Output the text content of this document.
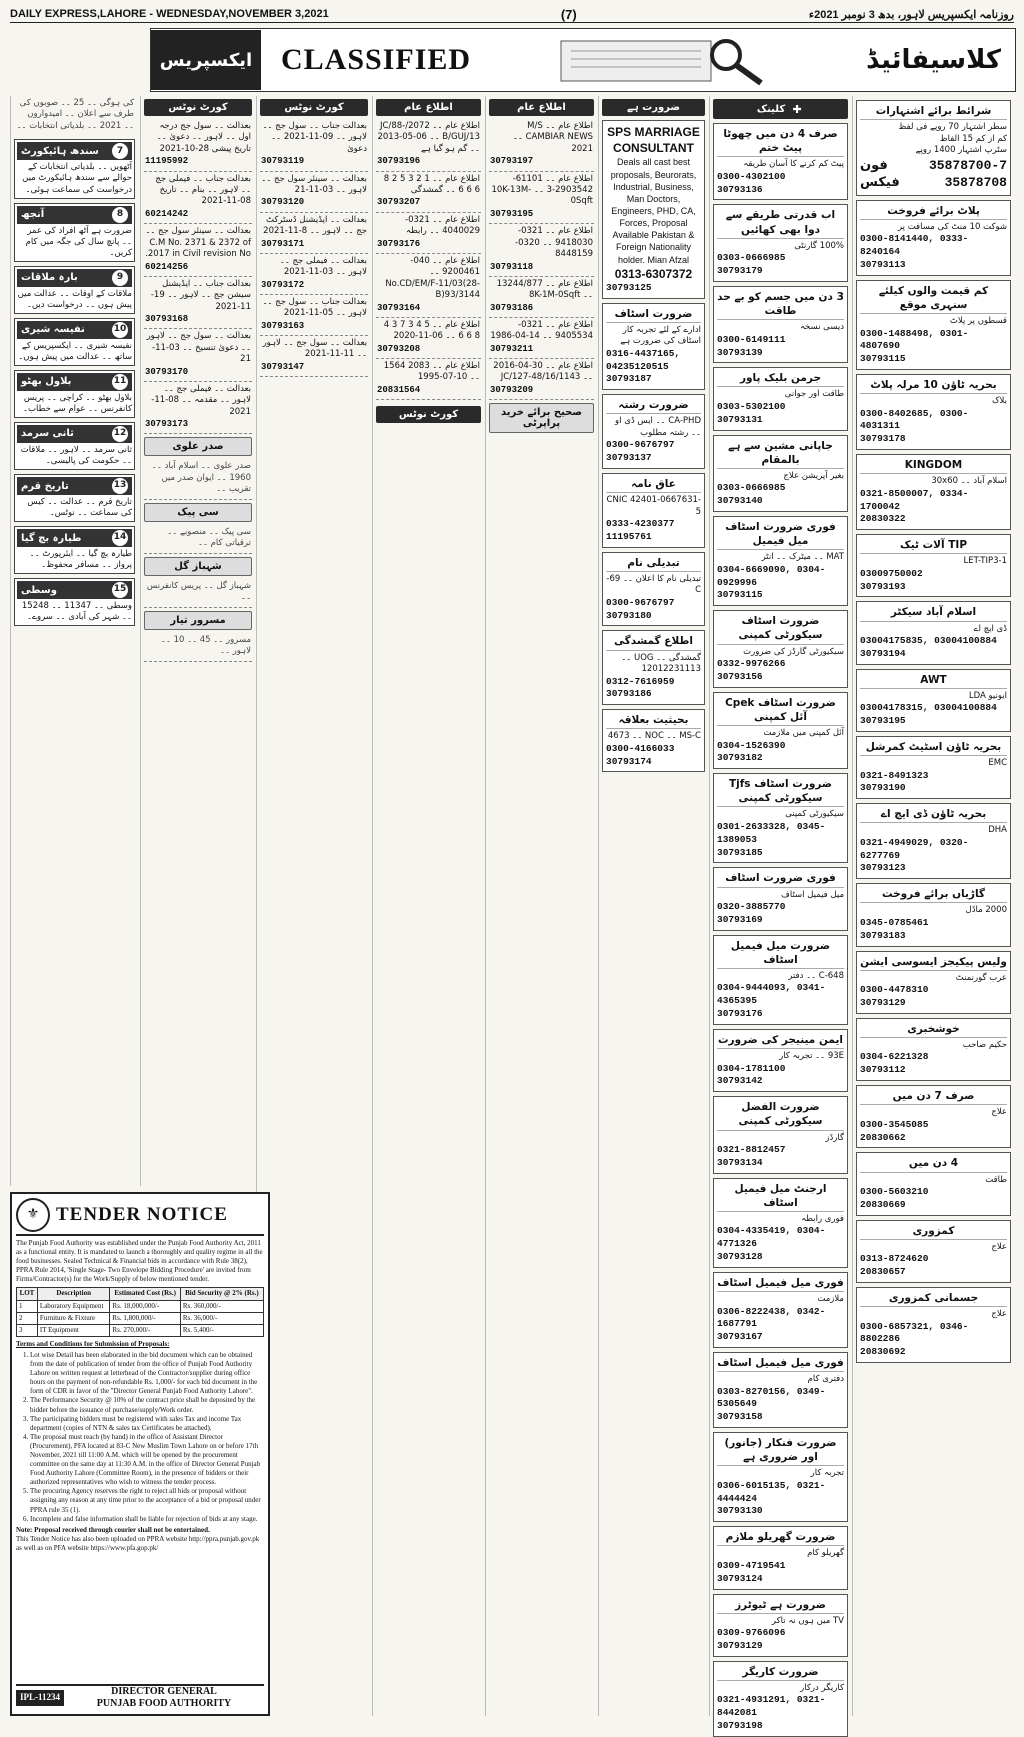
DAILY EXPRESS,LAHORE - WEDNESDAY,NOVEMBER 3,2021	(7)	روزنامہ ایکسپریس لاہور، بدھ 3 نومبر 2021ء
ایکسپریس CLASSIFIED	کلاسیفائیڈ
کی ہوگی ۔۔ 25 ۔۔ صوبوں کی طرف سے اعلان ۔۔ امیدواروں ۔۔ 2021 ۔۔ بلدیاتی انتخابات ۔۔
7
سندھ ہائیکورٹ
آٹھویں ۔۔ بلدیاتی انتخابات کے حوالے سے سندھ ہائیکورٹ میں درخواست کی سماعت ہوئی۔
8
آنجھ
ضرورت ہے آٹھ افراد کی عمر ۔۔ پانچ سال کی جگہ میں کام کریں۔
9
بارہ ملاقات
ملاقات کے اوقات ۔۔ عدالت میں پیش ہوں ۔۔ درخواست دیں۔
10
نفیسہ شیری
نفیسہ شیری ۔۔ ایکسپریس کے ساتھ ۔۔ عدالت میں پیش ہوں۔
11
بلاول بھٹو
بلاول بھٹو ۔۔ کراچی ۔۔ پریس کانفرنس ۔۔ عوام سے خطاب۔
12
ثانی سرمد
ثانی سرمد ۔۔ لاہور ۔۔ ملاقات ۔۔ حکومت کی پالیسی۔
13
تاریخ قرم
تاریخ قرم ۔۔ عدالت ۔۔ کیس کی سماعت ۔۔ نوٹس۔
14
طیارہ بچ گیا
طیارہ بچ گیا ۔۔ ایئرپورٹ ۔۔ پرواز ۔۔ مسافر محفوظ۔
15
وسطی
وسطی ۔۔ 11347 ۔۔ 15248 ۔۔ شہر کی آبادی ۔۔ سروے۔
کورٹ نوٹس
بعدالت ۔۔ سول جج درجہ اول ۔۔ لاہور ۔۔ دعویٰ ۔۔ تاریخ پیشی 28-10-2021
11195992
بعدالت جناب ۔۔ فیملی جج ۔۔ لاہور ۔۔ بنام ۔۔ تاریخ 08-11-2021
60214242
بعدالت ۔۔ سینئر سول جج ۔۔ C.M No. 2371 & 2372 of 2017 in Civil revision No.
60214256
بعدالت جناب ۔۔ ایڈیشنل سیشن جج ۔۔ لاہور ۔۔ 19-11-2021
30793168
بعدالت ۔۔ سول جج ۔۔ لاہور ۔۔ دعویٰ تنسیخ ۔۔ 03-11-21
30793170
بعدالت ۔۔ فیملی جج ۔۔ لاہور ۔۔ مقدمہ ۔۔ 08-11-2021
30793173
صدر علوی
صدر علوی ۔۔ اسلام آباد ۔۔ 1960 ۔۔ ایوان صدر میں تقریب ۔۔
سی پیک
سی پیک ۔۔ منصوبے ۔۔ ترقیاتی کام ۔۔
شہباز گل
شہباز گل ۔۔ پریس کانفرنس ۔۔
مسرور تیار
مسرور ۔۔ 45 ۔۔ 10 ۔۔ لاہور ۔۔
کورٹ نوٹس
بعدالت جناب ۔۔ سول جج ۔۔ لاہور ۔۔ 09-11-2021 ۔۔ دعویٰ
30793119
بعدالت ۔۔ سینئر سول جج ۔۔ لاہور ۔۔ 03-11-21
30793120
بعدالت ۔۔ ایڈیشنل ڈسٹرکٹ جج ۔۔ لاہور ۔۔ 8-11-2021
30793171
بعدالت ۔۔ فیملی جج ۔۔ لاہور ۔۔ 03-11-2021
30793172
بعدالت جناب ۔۔ سول جج ۔۔ لاہور ۔۔ 05-11-2021
30793163
بعدالت ۔۔ سول جج ۔۔ لاہور ۔۔ 11-11-2021
30793147
اطلاع عام
اطلاع عام ۔۔ 2072/JC/88-B/GUJ/13 ۔۔ 06-05-2013 ۔۔ گم ہو گیا ہے
30793196
اطلاع عام ۔۔ 1 2 3 5 2 8 6 6 6 ۔۔ گمشدگی
30793207
اطلاع عام ۔۔ 0321-4040029 ۔۔ رابطہ
30793176
اطلاع عام ۔۔ 040-9200461 ۔۔ No.CD/EM/F-11/03(28-B)93/3144
30793164
اطلاع عام ۔۔ 5 4 3 7 3 4 8 6 6 ۔۔ 06-11-2020
30793208
اطلاع عام ۔۔ 2083 1564 ۔۔ 10-07-1995
20831564
کورٹ نوٹس
اطلاع عام
اطلاع عام ۔۔ M/S CAMBIAR NEWS ۔۔ 2021
30793197
اطلاع عام ۔۔ 61101-2903542-3 ۔۔ 10K-13M-0Sqft
30793195
اطلاع عام ۔۔ 0321-9418030 ۔۔ 0320-8448159
30793118
اطلاع عام ۔۔ 13244/877 ۔۔ 8K-1M-0Sqft
30793186
اطلاع عام ۔۔ 0321-9405534 ۔۔ 14-04-1986
30793211
اطلاع عام ۔۔ 30-04-2016 ۔۔ 1143/JC/127-48/16
30793209
صحیح برائے خرید پراپرٹی
ضرورت ہے
SPS MARRIAGE CONSULTANT
Deals all cast best proposals, Beurorats, Industrial, Business, Man Doctors, Engineers, PHD, CA, Forces, Proposal Available Pakistan & Foreign Nationality holder. Mian Afzal
0313-6307372
30793125
ضرورت اسٹاف
ادارے کے لئے تجربہ کار اسٹاف کی ضرورت ہے
0316-4437165, 04235120515
30793187
ضرورت رشتہ
CA-PHD ۔۔ ایس ڈی او ۔۔ رشتہ مطلوب
0300-9676797
30793137
عاق نامہ
CNIC 42401-0667631-5
0333-4230377
11195761
تبدیلی نام
تبدیلی نام کا اعلان ۔۔ 69-C
0300-9676797
30793180
اطلاع گمشدگی
گمشدگی ۔۔ UOG ۔۔ 12012231113
0312-7616959
30793186
بحیثیت بعلاقہ
MS-C ۔۔ NOC ۔۔ 4673
0300-4166033
30793174
✚
کلینک
صرف 4 دن میں چھوٹا پیٹ ختم
پیٹ کم کرنے کا آسان طریقہ
0300-4302100
30793136
اب قدرتی طریقے سے دوا بھی کھائیں
100% گارنٹی
0303-0666985
30793179
3 دن میں جسم کو بے حد طاقت
دیسی نسخہ
0300-6149111
30793139
جرمن بلیک پاور
طاقت اور جوانی
0303-5302100
30793131
جاپانی مشین سے ہے بالمقام
بغیر آپریشن علاج
0303-0666985
30793140
فوری ضرورت اسٹاف میل فیمیل
MAT ۔۔ میٹرک ۔۔ انٹر
0304-6669090, 0304-0929996
30793115
ضرورت اسٹاف سیکورٹی کمپنی
سیکیورٹی گارڈز کی ضرورت
0332-9976266
30793156
ضرورت اسٹاف Cpek آئل کمپنی
آئل کمپنی میں ملازمت
0304-1526390
30793182
ضرورت اسٹاف Tjfs سیکورٹی کمپنی
سیکیورٹی کمپنی
0301-2633328, 0345-1389053
30793185
فوری ضرورت اسٹاف
میل فیمیل اسٹاف
0320-3885770
30793169
ضرورت میل فیمیل اسٹاف
648-C ۔۔ دفتر
0304-9444093, 0341-4365395
30793176
ایمن مینیجر کی ضرورت
93E ۔۔ تجربہ کار
0304-1781100
30793142
ضرورت الفضل سیکورٹی کمپنی
گارڈز
0321-8812457
30793134
ارجنٹ میل فیمیل اسٹاف
فوری رابطہ
0304-4335419, 0304-4771326
30793128
فوری میل فیمیل اسٹاف
ملازمت
0306-8222438, 0342-1687791
30793167
فوری میل فیمیل اسٹاف
دفتری کام
0303-8270156, 0349-5305649
30793158
ضرورت فنکار (جانور) اور ضروری ہے
تجربہ کار
0306-6015135, 0321-4444424
30793130
ضرورت گھریلو ملازم
گھریلو کام
0309-4719541
30793124
ضرورت ہے ٹیوٹرز
TV میں ہوں نہ تاکر
0309-9766096
30793129
ضرورت کاریگر
کاریگر درکار
0321-4931291, 0321-8442081
30793198
شرائط برائے اشتہارات
سطر اشتہار 70 روپے فی لفظ
کم از کم 15 الفاظ
سٹرپ اشتہار 1400 روپے
35878700-7
فون
35878708
فیکس
پلاٹ برائے فروخت
شوکت 10 منٹ کی مسافت پر
0300-8141440, 0333-8240164
30793113
کم قیمت والوں کیلئے سنہری موقع
قسطوں پر پلاٹ
0300-1488498, 0301-4807690
30793115
بحریہ ٹاؤن 10 مرلہ پلاٹ
بلاک
0300-8402685, 0300-4031311
30793178
KINGDOM
اسلام آباد ۔۔ 30x60
0321-8500007, 0334-1700042
20830322
TIP آلات ٹیک
LET-TIP3-1
03009750002
30793193
اسلام آباد سیکٹر
ڈی ایچ اے
03004175835, 03004100884
30793194
AWT
ایونیو LDA
03004178315, 03004100884
30793195
بحریہ ٹاؤن اسٹیٹ کمرشل
EMC
0321-8491323
30793190
بحریہ ٹاؤن ڈی ایچ اے
DHA
0321-4949029, 0320-6277769
30793123
گاڑیاں برائے فروخت
2000 ماڈل
0345-0785461
30793183
ولیس پیکیجز ایسوسی ایشن
عرب گورنمنٹ
0300-4478310
30793129
خوشخبری
حکیم صاحب
0304-6221328
30793112
صرف 7 دن میں
علاج
0300-3545085
20830662
4 دن میں
طاقت
0300-5603210
20830669
کمزوری
علاج
0313-8724620
20830657
جسمانی کمزوری
علاج
0300-6857321, 0346-8802286
20830692
⚜ TENDER NOTICE
The Punjab Food Authority was established under the Punjab Food Authority Act, 2011 as a functional entity. It is mandated to launch a thoroughly and quality regime in all the food businesses. Sealed Technical & Financial bids in accordance with Rule 38(2), PPRA Rule 2014, 'Single Stage- Two Envelope Bidding Procedure' are invited from Firms/Contractor(s) for the Work/Supply of below mentioned tender.
LOT	Description	Estimated Cost (Rs.)	Bid Security @ 2% (Rs.)
1	Laboratory Equipment	Rs. 18,000,000/-	Rs. 360,000/-
2	Furniture & Fixture	Rs. 1,800,000/-	Rs. 36,000/-
3	IT Equipment	Rs. 270,000/-	Rs. 5,400/-
Terms and Conditions for Submission of Proposals:
1. Lot wise Detail has been elaborated in the bid document which can be obtained from the date of publication of tender from the office of Punjab Food Authority Lahore on written request at letterhead of the Contractor/supplier during office hours on the payment of non-refundable Rs. 1,000/- for each bid document in the form of CDR in favor of the "Director General Punjab Food Authority Lahore".
2. The Performance Security @ 10% of the contract price shall be deposited by the bidder before the issuance of purchase/supply/Work order.
3. The participating bidders must be registered with sales Tax and income Tax department (copies of NTN & sales tax Certificates be attached).
4. The proposal must reach (by hand) in the office of Assistant Director (Procurement), PFA located at 83-C New Muslim Town Lahore on or before 17th November, 2021 till 11:00 A.M. which will be opened by the procurement committee on the same day at 11:30 A.M. in the office of Director General Punjab Food Authority Lahore (Committee Room), in the presence of bidders or their authorized representatives who wish to witness the tender process.
5. The procuring Agency reserves the right to reject all bids or proposal without assigning any reason at any time prior to the acceptance of a bid or proposal under PPRA rule 35 (1).
6. Incomplete and false information shall be liable for rejection of bids at any stage.
Note: Proposal received through courier shall not be entertained.
This Tender Notice has also been uploaded on PPRA website http://ppra.punjab.gov.pk
as well as on PFA website https://www.pfa.gop.pk/
IPL-11234
DIRECTOR GENERAL
PUNJAB FOOD AUTHORITY
